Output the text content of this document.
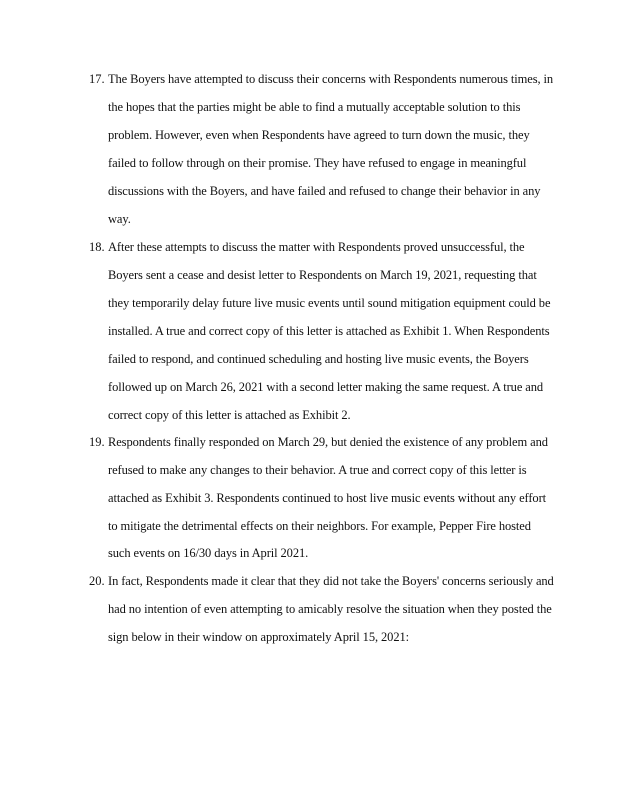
17. The Boyers have attempted to discuss their concerns with Respondents numerous times, in
the hopes that the parties might be able to find a mutually acceptable solution to this
problem. However, even when Respondents have agreed to turn down the music, they
failed to follow through on their promise. They have refused to engage in meaningful
discussions with the Boyers, and have failed and refused to change their behavior in any
way.
18. After these attempts to discuss the matter with Respondents proved unsuccessful, the
Boyers sent a cease and desist letter to Respondents on March 19, 2021, requesting that
they temporarily delay future live music events until sound mitigation equipment could be
installed. A true and correct copy of this letter is attached as Exhibit 1. When Respondents
failed to respond, and continued scheduling and hosting live music events, the Boyers
followed up on March 26, 2021 with a second letter making the same request. A true and
correct copy of this letter is attached as Exhibit 2.
19. Respondents finally responded on March 29, but denied the existence of any problem and
refused to make any changes to their behavior. A true and correct copy of this letter is
attached as Exhibit 3. Respondents continued to host live music events without any effort
to mitigate the detrimental effects on their neighbors. For example, Pepper Fire hosted
such events on 16/30 days in April 2021.
20. In fact, Respondents made it clear that they did not take the Boyers' concerns seriously and
had no intention of even attempting to amicably resolve the situation when they posted the
sign below in their window on approximately April 15, 2021:
